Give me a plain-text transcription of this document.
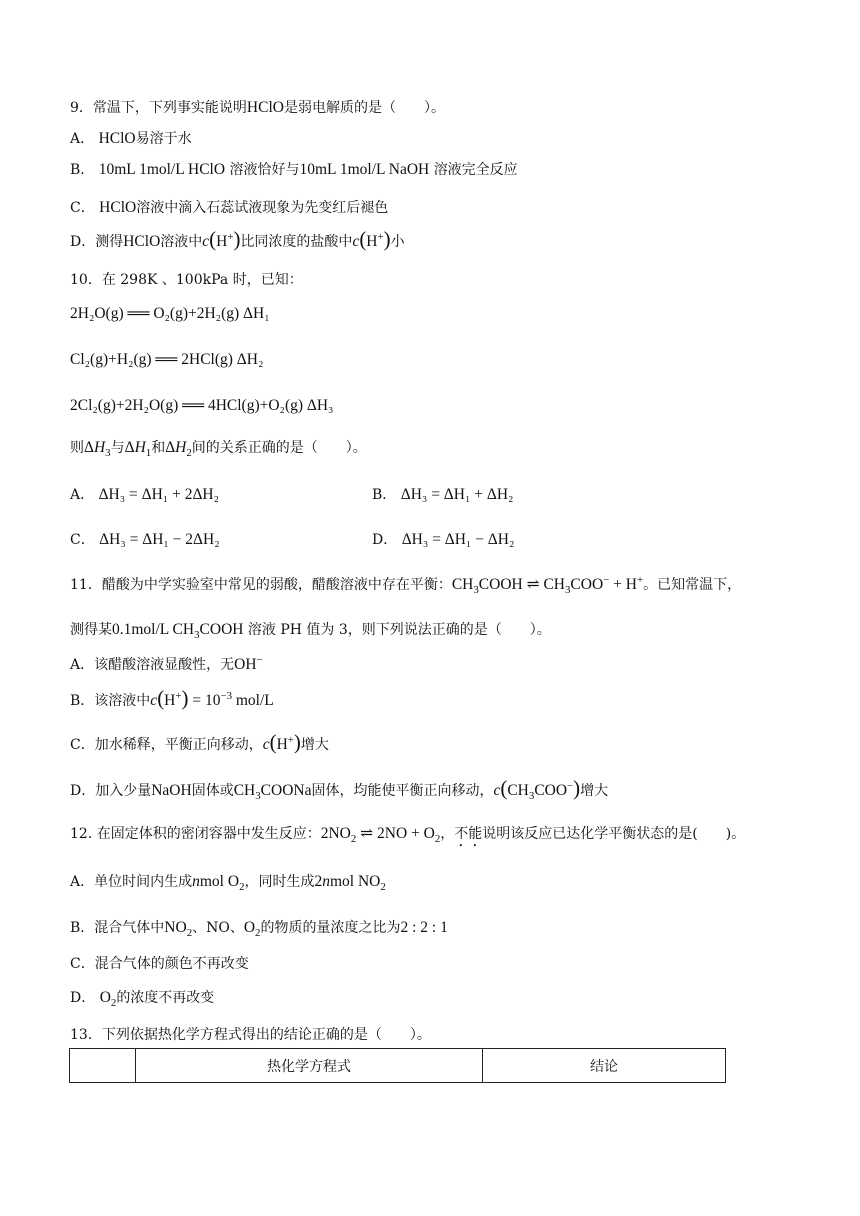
9．常温下，下列事实能说明HClO是弱电解质的是（　　）。
A． HClO易溶于水
B． 10mL 1mol/L HClO 溶液恰好与10mL 1mol/L NaOH 溶液完全反应
C． HClO溶液中滴入石蕊试液现象为先变红后褪色
D．测得HClO溶液中c(H+)比同浓度的盐酸中c(H+)小
10．在 298K 、100kPa 时，已知：
2H₂O(g) ══ O₂(g)+2H₂(g) ΔH₁
Cl₂(g)+H₂(g) ══ 2HCl(g) ΔH₂
2Cl₂(g)+2H₂O(g) ══ 4HCl(g)+O₂(g) ΔH₃
则$\Delta H_3$与$\Delta H_1$和$\Delta H_2$间的关系正确的是（　　）。
A． ΔH₃ = ΔH₁ + 2ΔH₂	B． ΔH₃ = ΔH₁ + ΔH₂
C． ΔH₃ = ΔH₁ − 2ΔH₂	D． ΔH₃ = ΔH₁ − ΔH₂
11．醋酸为中学实验室中常见的弱酸，醋酸溶液中存在平衡：$CH_3COOH$ ⇌ $CH_3COO^- + H^+$。已知常温下，
测得某0.1mol/L $CH_3COOH$ 溶液 PH 值为 3，则下列说法正确的是（　　）。
A．该醋酸溶液显酸性，无OH−
B．该溶液中$c(H^+) = 10^{-3}$ mol/L
C．加水稀释，平衡正向移动，c(H+)增大
D．加入少量NaOH固体或$CH_3COONa$固体，均能使平衡正向移动，$c(CH_3COO^-)$增大
12. 在固定体积的密闭容器中发生反应：$2NO_2$ ⇌ $2NO + O_2$，不能说明该反应已达化学平衡状态的是(　　)。
A．单位时间内生成nmol $O_2$，同时生成2nmol $NO_2$
B．混合气体中$NO_2$、NO、$O_2$的物质的量浓度之比为2 : 2 : 1
C．混合气体的颜色不再改变
D． $O_2$的浓度不再改变
13．下列依据热化学方程式得出的结论正确的是（　　）。
	热化学方程式	结论
